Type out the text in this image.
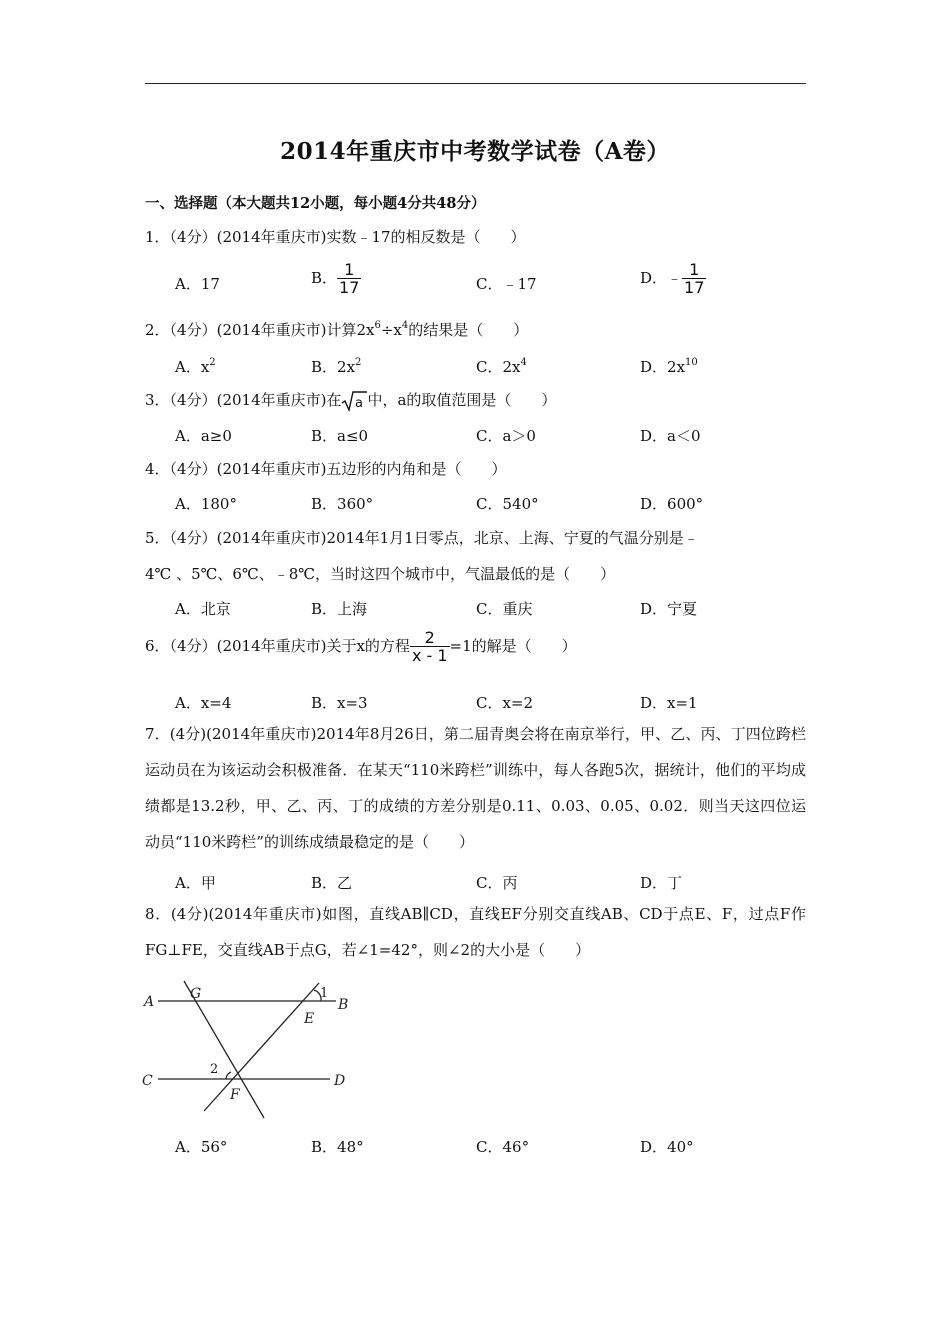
2014年重庆市中考数学试卷（A卷）
一、选择题（本大题共12小题，每小题4分共48分）
1．（4分）(2014年重庆市)实数﹣17的相反数是（　　）
A．17	B． $\frac{1}{17}$	C．﹣17	D．﹣ $\frac{1}{17}$
2．（4分）(2014年重庆市)计算$2x^6\div x^4$的结果是（　　）
A．$x^2$	B．$2x^2$	C．$2x^4$	D．$2x^{10}$
3．（4分）(2014年重庆市)在 a 中，a的取值范围是（　　）
A．a≥0	B．a≤0	C．a＞0	D．a＜0
4．（4分）(2014年重庆市)五边形的内角和是（　　）
A．180°	B．360°	C．540°	D．600°
5．（4分）(2014年重庆市)2014年1月1日零点，北京、上海、宁夏的气温分别是﹣
4℃ 、5℃、6℃、﹣8℃，当时这四个城市中，气温最低的是（　　）
A．北京	B．上海	C．重庆	D．宁夏
6．（4分）(2014年重庆市)关于x的方程 $\frac{2}{x - 1} =1$的解是（　　）
A．x=4	B．x=3	C．x=2	D．x=1
7．(4分)(2014年重庆市)2014年8月26日，第二届青奥会将在南京举行，甲、乙、丙、丁四位跨栏运动员在为该运动会积极准备．在某天“110米跨栏”训练中，每人各跑5次，据统计，他们的平均成绩都是13.2秒，甲、乙、丙、丁的成绩的方差分别是0.11、0.03、0.05、0.02．则当天这四位运动员“110米跨栏”的训练成绩最稳定的是（　　）
A．甲	B．乙	C．丙	D．丁
8．(4分)(2014年重庆市)如图，直线AB∥CD，直线EF分别交直线AB、CD于点E、F，过点F作FG⊥FE，交直线AB于点G，若∠1=42°，则∠2的大小是（　　）
A	B
C	D
E
F
G	1
2
A．56°	B．48°	C．46°	D．40°
